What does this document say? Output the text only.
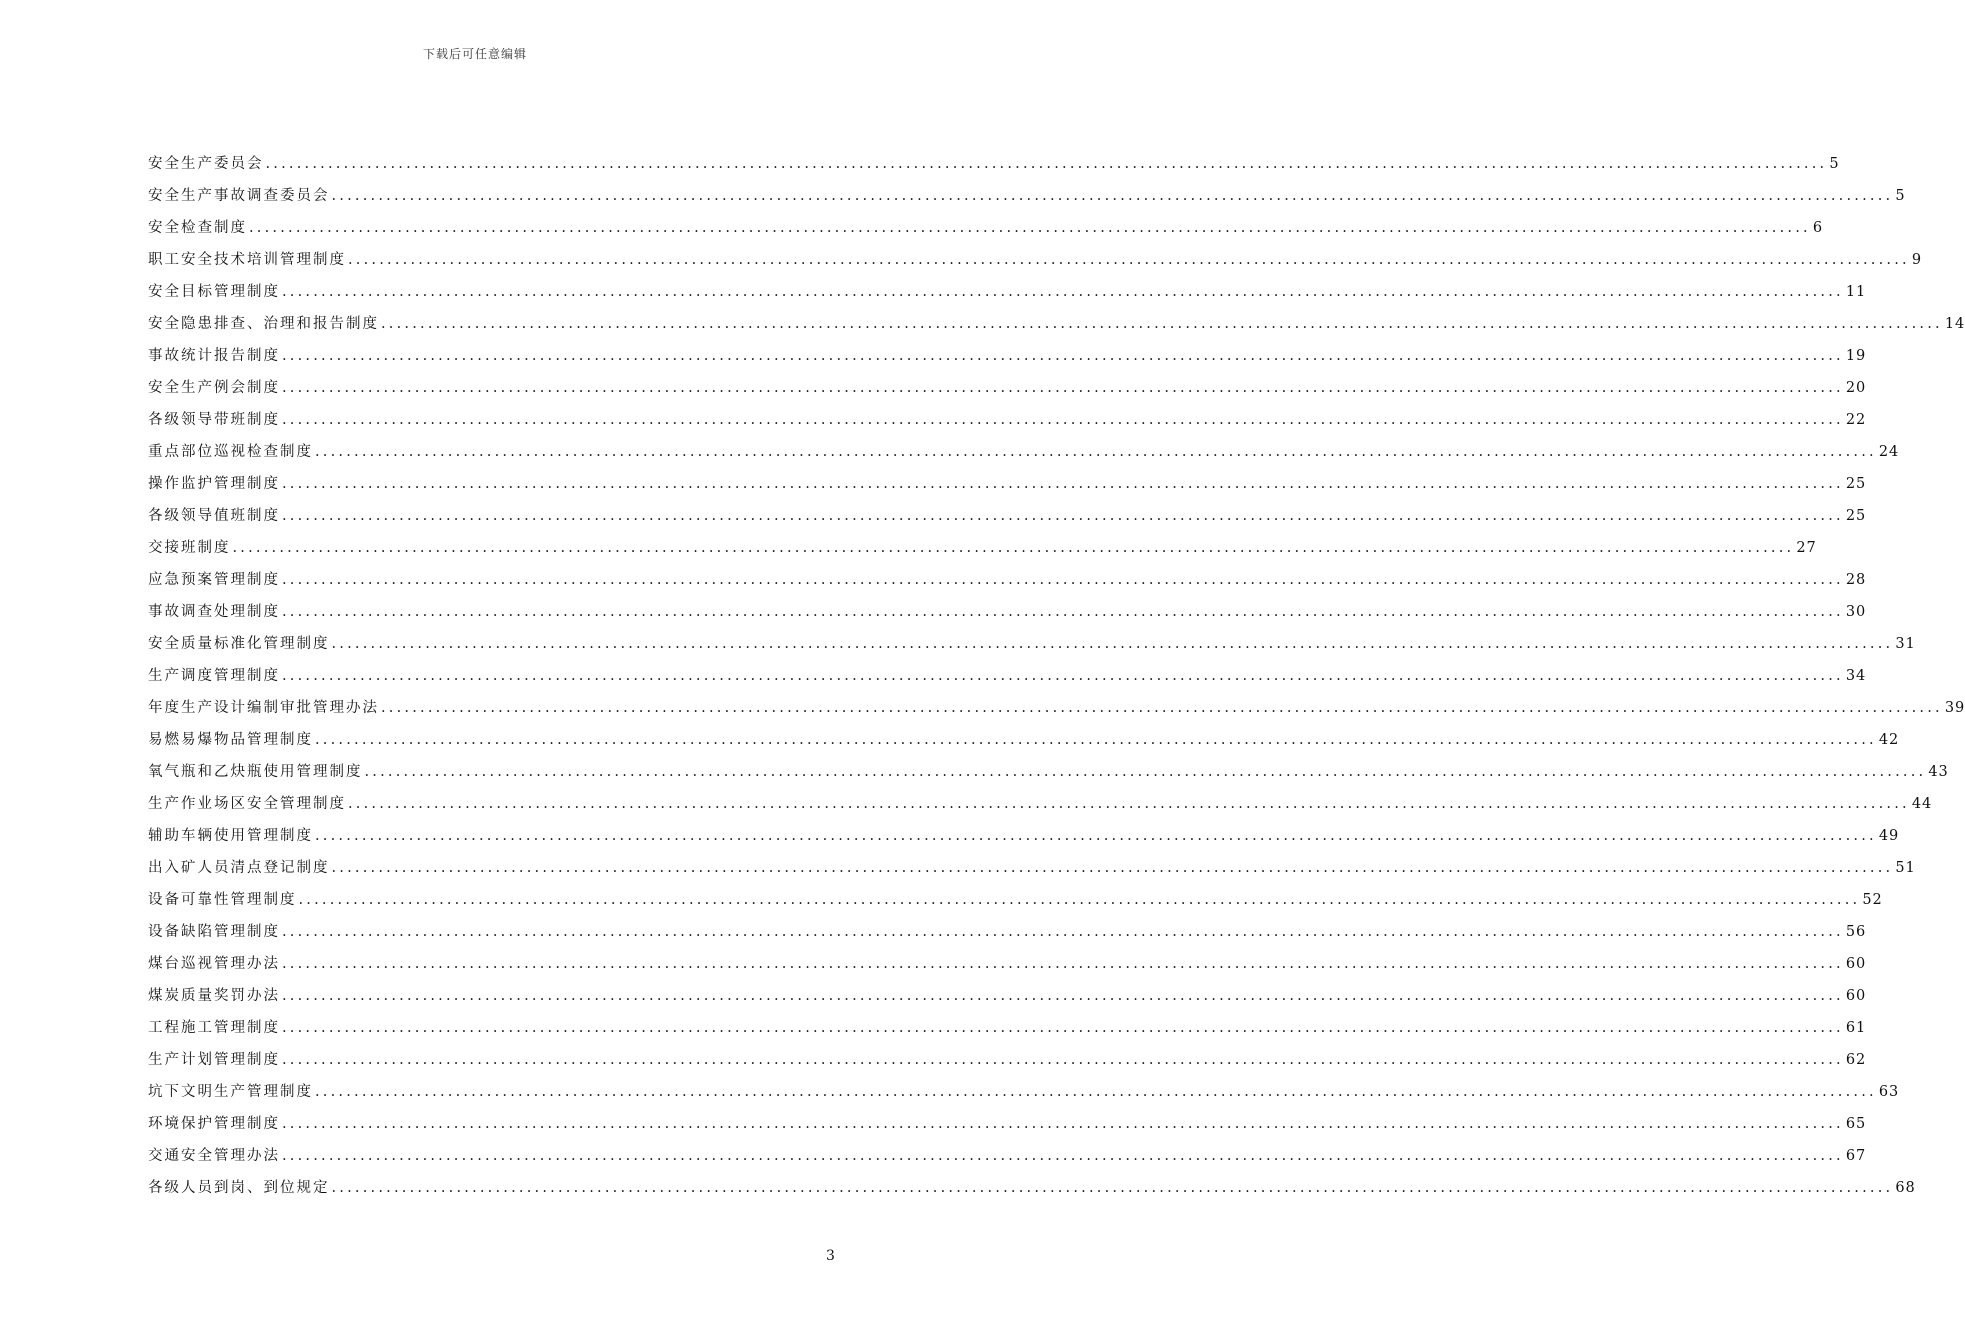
下载后可任意编辑
安全生产委员会 ........................................................................................................................................................................................................ 5
安全生产事故调查委员会 ........................................................................................................................................................................................................ 5
安全检查制度 ........................................................................................................................................................................................................ 6
职工安全技术培训管理制度 ........................................................................................................................................................................................................ 9
安全目标管理制度 ........................................................................................................................................................................................................ 11
安全隐患排查、治理和报告制度 ........................................................................................................................................................................................................ 14
事故统计报告制度 ........................................................................................................................................................................................................ 19
安全生产例会制度 ........................................................................................................................................................................................................ 20
各级领导带班制度 ........................................................................................................................................................................................................ 22
重点部位巡视检查制度 ........................................................................................................................................................................................................ 24
操作监护管理制度 ........................................................................................................................................................................................................ 25
各级领导值班制度 ........................................................................................................................................................................................................ 25
交接班制度 ........................................................................................................................................................................................................ 27
应急预案管理制度 ........................................................................................................................................................................................................ 28
事故调查处理制度 ........................................................................................................................................................................................................ 30
安全质量标准化管理制度 ........................................................................................................................................................................................................ 31
生产调度管理制度 ........................................................................................................................................................................................................ 34
年度生产设计编制审批管理办法 ........................................................................................................................................................................................................ 39
易燃易爆物品管理制度 ........................................................................................................................................................................................................ 42
氧气瓶和乙炔瓶使用管理制度 ........................................................................................................................................................................................................ 43
生产作业场区安全管理制度 ........................................................................................................................................................................................................ 44
辅助车辆使用管理制度 ........................................................................................................................................................................................................ 49
出入矿人员清点登记制度 ........................................................................................................................................................................................................ 51
设备可靠性管理制度 ........................................................................................................................................................................................................ 52
设备缺陷管理制度 ........................................................................................................................................................................................................ 56
煤台巡视管理办法 ........................................................................................................................................................................................................ 60
煤炭质量奖罚办法 ........................................................................................................................................................................................................ 60
工程施工管理制度 ........................................................................................................................................................................................................ 61
生产计划管理制度 ........................................................................................................................................................................................................ 62
坑下文明生产管理制度 ........................................................................................................................................................................................................ 63
环境保护管理制度 ........................................................................................................................................................................................................ 65
交通安全管理办法 ........................................................................................................................................................................................................ 67
各级人员到岗、到位规定 ........................................................................................................................................................................................................ 68
3
